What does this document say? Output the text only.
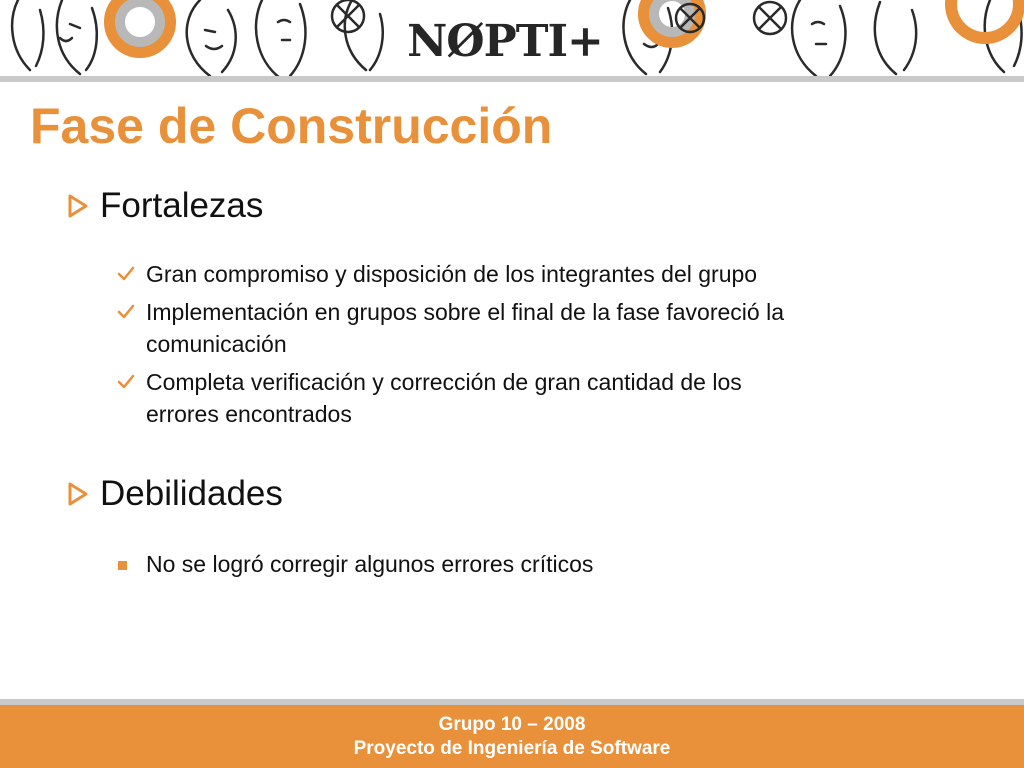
NØPTI+
Fase de Construcción
Fortalezas
Gran compromiso y disposición de los integrantes del grupo
Implementación en grupos sobre el final de la fase favoreció la
comunicación
Completa verificación y corrección de gran cantidad de los
errores encontrados
Debilidades
No se logró corregir algunos errores críticos
Grupo 10 – 2008
Proyecto de Ingeniería de Software
